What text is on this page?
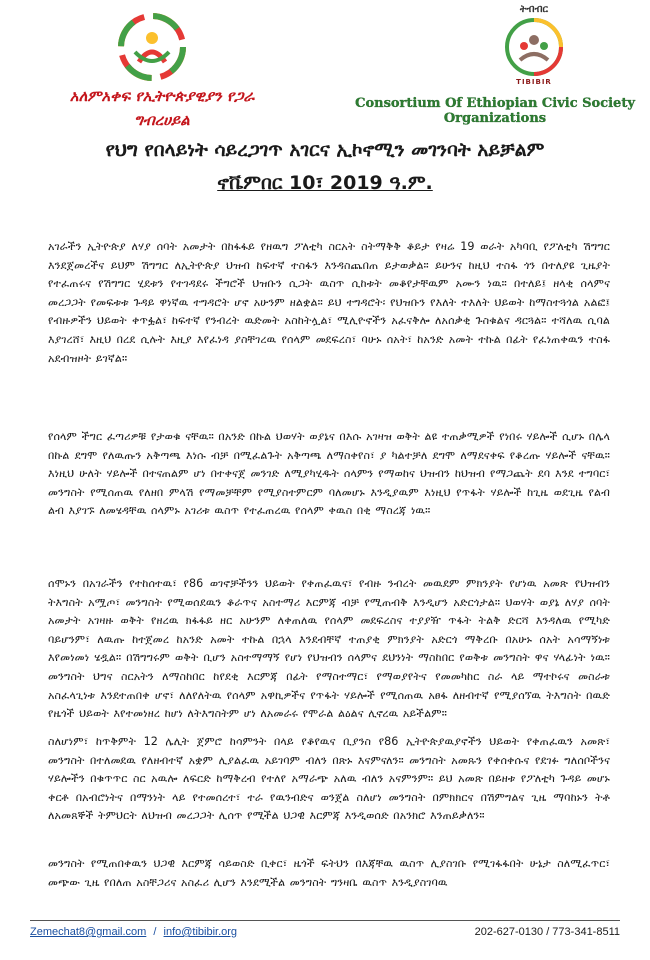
አለምአቀፍ የኢትዮጵያዊያን የጋራ ግብረሀይል
ትብብር
TIBIBIR
Consortium Of Ethiopian Civic Society Organizations
የህግ የበላይነት ሳይረጋገጥ አገርና ኢኮኖሚን መገንባት አይቻልም
ኖቬምበር 10፣ 2019 ዓ.ም.
አገራችን ኢትዮጵያ ለሃያ ሰባት አመታት በከፋፋይ የዘዉግ ፖለቲካ ስርአት ስትማቅቅ ቆይታ የዛሬ 19 ወራት አካባቢ የፖለቲካ ሽግግር እንደጀመረችና ይህም ሽግግር ለኢትዮጵያ ህዝብ ከፍተኛ ተስፋን እንዳስጨበጠ ይታወቃል። ይሁንና ከዚህ ተስፋ ጎን በተለያዩ ጊዜያት የተፈጠሩና የሽግግር ሂደቱን የተገዳደሩ ችግሮች ህዝቡን ሲጋት ዉስጥ ሲከቱት መቆየታቸዉም አሙን ነዉ። በተለይ፤ ዘላቂ ሰላምና መረጋጋት የመፍቱቱ ጉዳይ ዋነኛዉ ተግዳሮት ሆኖ አሁንም ዘልቋል። ይህ ተግዳሮት፡ የህዝቡን የእለት ተእለት ህይወት ከማስተጓጎል አልፎ፤ የብዙዎችን ህይወት ቀጥፏል፣ ከፍተኛ የንብረት ዉድመት አስከትሏል፣ ሚሊዮኖችን አፈናቅሎ ለአሰቃቂ ጉስቁልና ዳርጓል። ተሻለዉ ሲባል እያገረሸ፣ እዚህ በረደ ሲሉት እዚያ እየፈነዳ ያስቸገረዉ የሰላም መደፍረስ፣ ባሁኑ ሰአት፣ ከአንድ አመት ተኩል በፊት የፈነጠቀዉን ተስፋ አደብዝዞት ይገኛል።
የሰላም ችግር ፈጣሪዎቹ የታወቁ ናቸዉ። በአንድ በኩል ህወሃት ወያኔና በእሱ አገዛዝ ወቅት ልዩ ተጠቃሚዎች የነበሩ ሃይሎች ሲሆኑ በሌላ በኩል ደግሞ የለዉጡን አቅጣጫ እነሱ ብቻ በሚፈልጉት አቅጣጫ ለማስቀየስ፣ ያ ካልተቻለ ደግሞ ለማደናቀፍ የቆረጡ ሃይሎች ናቸዉ። እነዚህ ሁለት ሃይሎች በተናጠልም ሆነ በተቀናጀ መንገድ ለሚያካሂዱት ሰላምን የማወከና ህዝብን ከህዝብ የማጋጨት ደባ እንደ ተግባር፣ መንግስት የሚሰጠዉ የለዘበ ምላሽ የማመቻቸም የሚያስተምርም ባለመሆኑ እንዲያዉም እነዚህ የጥፋት ሃይሎች ከጊዜ ወደጊዜ የልብ ልብ እያገኙ ለመሄዳቸዉ ሰላምኑ አገሪቱ ዉስጥ የተፈጠረዉ የሰላም ቀዉስ በቂ ማስረጃ ነዉ።
ሰሞኑን በአገራችን የተከሰተዉ፣ የ86 ወገኖቻችንን ህይወት የቀጠፈዉና፣ የብዙ ንብረት መዉደም ምክንያት የሆነዉ አመጽ የህዝብን ትእግስት አሟጦ፣ መንግስት የሚወሰደዉን ቆራጥና አስተማሪ እርምጃ ብቻ የሚጠብቅ እንዲሆን አድርጎታል። ህወሃት ወያኔ ለሃያ ሰባት አመታት አገዛዙ ወቅት የዘረዉ ክፋፋይ ዘር አሁንም ለቀጠለዉ የሰላም መደፍረስና ተያያዥ ጥፋት ትልቅ ድርሻ እንዳለዉ የሚካድ ባይሆንም፣ ለዉጡ ከተጀመረ ከአንድ አመት ተኩል በኋላ እንደብቸኛ ተጠያቂ ምክንያት አድርጎ ማቅረቡ በአሁኑ ሰአት አሳማኝነቱ እየመነመነ ሄዷል። በሽግግሩም ወቅት ቢሆን አስተማማኝ የሆነ የህዝብን ሰላምና ደህንነት ማስከበር የወቅቱ መንግስት ዋና ሃላፊነት ነዉ። መንግስት ህግና ስርአትን ለማስከበር ከየደቂ እርምጃ በፊት የማስተማር፣ የማወያየትና የመመካከር ስራ ላይ ማተኮሩና መስራቱ አስፈላጊነቱ እንደተጠበቀ ሆኖ፣ ለለየለትዉ የሰላም አዋኪዎችና የጥፋት ሃይሎች የሚሰጠዉ አፀፋ ለዘብተኛ የሚያሰኘዉ ትእግስት በዉድ የዜጎች ህይወት እየተመነዘረ ከሆነ ለትእግስትም ሆነ ለአመራሩ የሞራል ልዕልና ሊኖረዉ አይችልም።
ስለሆነም፣ ከጥቅምት 12 ሌሊት ጀምሮ ከሳምንት በላይ የቆየዉና ቢያንስ የ86 ኢትዮጵያዉያኖችን ህይወት የቀጠፈዉን አመጽ፣ መንግስት በተለመደዉ የለዘብተኛ አቋም ሊያልፈዉ አይገባም ብለን በጽኑ እናምናለን። መንግስት አመጹን የቀሰቀሱና የደገፉ ግለሰቦችንና ሃይሎችን በቁጥጥር ስር አዉሎ ለፍርድ ከማቅረብ የተለየ አማራጭ አለዉ ብለን አናምንም። ይህ አመጽ በይዘቱ የፖለቲካ ጉዳይ መሆኑ ቀርቶ በአብሮነትና በማንነት ላይ የተመሰረተ፣ ተራ የዉንብድና ወንጀል ስለሆነ መንግስት በምክክርና በሽምግልና ጊዜ ማባከኑን ትቶ ለአመጸኞች ትምህርት ለህዝብ መረጋጋት ሊሰጥ የሚችል ህጋዊ እርምጃ እንዲወሰድ በአንክሮ እንጠይቃለን።
መንግስት የሚጠበቀዉን ህጋዊ እርምጃ ሳይወስድ ቢቀር፣ ዜጎች ፍትህን በእጃቸዉ ዉስጥ ሊያስገቡ የሚገፋፋበት ሁኔታ ስለሚፈጥር፣ መጭው ጊዜ የበለጠ አስቸጋሪና አስፈሪ ሊሆን እንደሚችል መንግስት ግንዛቤ ዉስጥ እንዲያስገባዉ
Zemechat8@gmail.com / info@tibibir.org	202-627-0130 / 773-341-8511
